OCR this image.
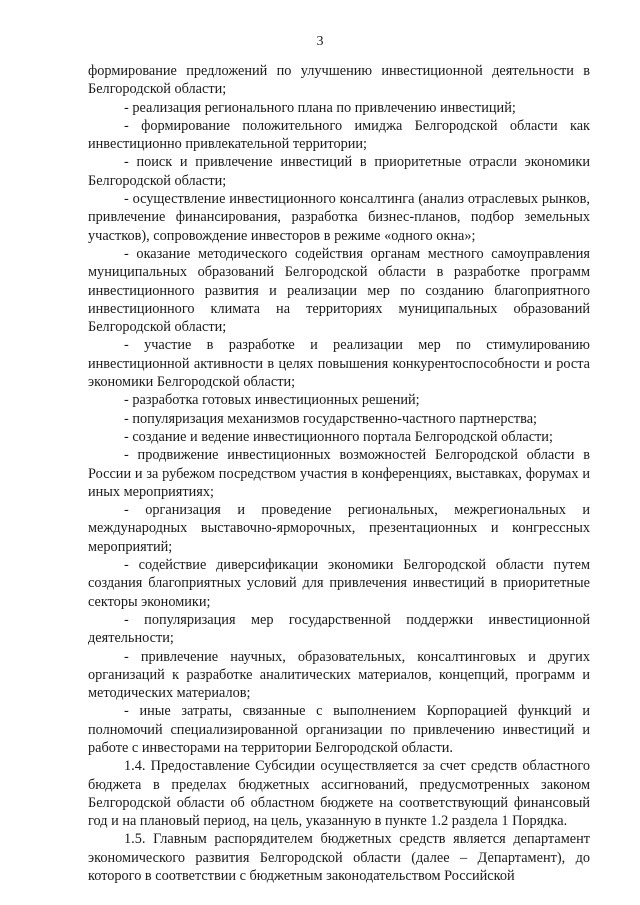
3

формирование предложений по улучшению инвестиционной деятельности в Белгородской области;

- реализация регионального плана по привлечению инвестиций;

- формирование положительного имиджа Белгородской области как инвестиционно привлекательной территории;

- поиск и привлечение инвестиций в приоритетные отрасли экономики Белгородской области;

- осуществление инвестиционного консалтинга (анализ отраслевых рынков, привлечение финансирования, разработка бизнес-планов, подбор земельных участков), сопровождение инвесторов в режиме «одного окна»;

- оказание методического содействия органам местного самоуправления муниципальных образований Белгородской области в разработке программ инвестиционного развития и реализации мер по созданию благоприятного инвестиционного климата на территориях муниципальных образований Белгородской области;

- участие в разработке и реализации мер по стимулированию инвестиционной активности в целях повышения конкурентоспособности и роста экономики Белгородской области;

- разработка готовых инвестиционных решений;

- популяризация механизмов государственно-частного партнерства;

- создание и ведение инвестиционного портала Белгородской области;

- продвижение инвестиционных возможностей Белгородской области в России и за рубежом посредством участия в конференциях, выставках, форумах и иных мероприятиях;

- организация и проведение региональных, межрегиональных и международных выставочно-ярморочных, презентационных и конгрессных мероприятий;

- содействие диверсификации экономики Белгородской области путем создания благоприятных условий для привлечения инвестиций в приоритетные секторы экономики;

- популяризация мер государственной поддержки инвестиционной деятельности;

- привлечение научных, образовательных, консалтинговых и других организаций к разработке аналитических материалов, концепций, программ и методических материалов;

- иные затраты, связанные с выполнением Корпорацией функций и полномочий специализированной организации по привлечению инвестиций и работе с инвесторами на территории Белгородской области.

1.4. Предоставление Субсидии осуществляется за счет средств областного бюджета в пределах бюджетных ассигнований, предусмотренных законом Белгородской области об областном бюджете на соответствующий финансовый год и на плановый период, на цель, указанную в пункте 1.2 раздела 1 Порядка.

1.5. Главным распорядителем бюджетных средств является департамент экономического развития Белгородской области (далее – Департамент), до которого в соответствии с бюджетным законодательством Российской
